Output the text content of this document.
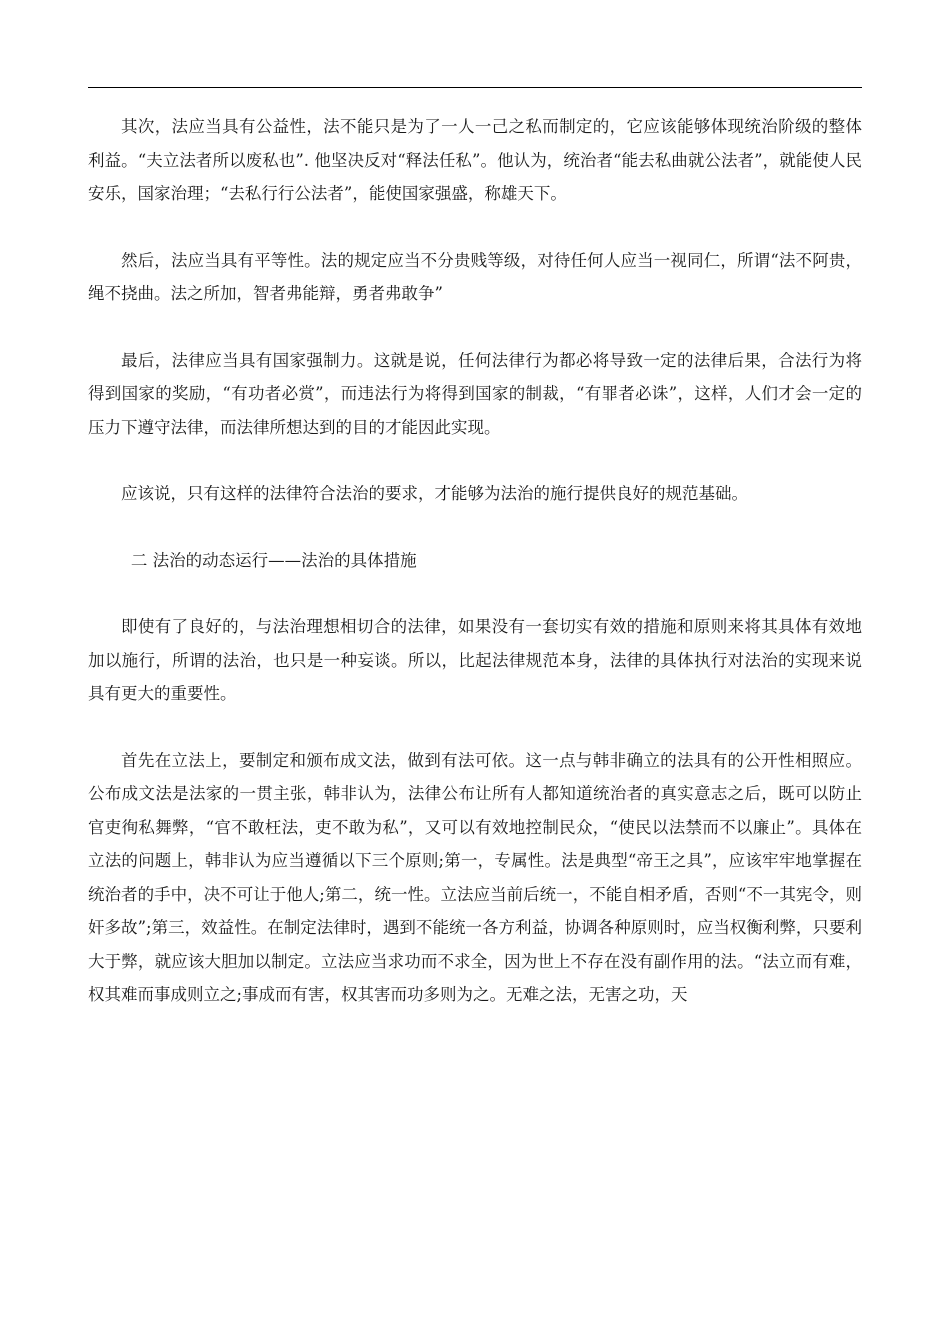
其次，法应当具有公益性，法不能只是为了一人一己之私而制定的，它应该能够体现统治阶级的整体利益。“夫立法者所以废私也”. 他坚决反对“释法任私”。他认为，统治者“能去私曲就公法者”，就能使人民安乐，国家治理；“去私行行公法者”，能使国家强盛，称雄天下。

然后，法应当具有平等性。法的规定应当不分贵贱等级，对待任何人应当一视同仁，所谓“法不阿贵，绳不挠曲。法之所加，智者弗能辩，勇者弗敢争”

最后，法律应当具有国家强制力。这就是说，任何法律行为都必将导致一定的法律后果，合法行为将得到国家的奖励，“有功者必赏”，而违法行为将得到国家的制裁，“有罪者必诛”，这样，人们才会一定的压力下遵守法律，而法律所想达到的目的才能因此实现。

应该说，只有这样的法律符合法治的要求，才能够为法治的施行提供良好的规范基础。

二 法治的动态运行——法治的具体措施

即使有了良好的，与法治理想相切合的法律，如果没有一套切实有效的措施和原则来将其具体有效地加以施行，所谓的法治，也只是一种妄谈。所以，比起法律规范本身，法律的具体执行对法治的实现来说具有更大的重要性。

首先在立法上，要制定和颁布成文法，做到有法可依。这一点与韩非确立的法具有的公开性相照应。公布成文法是法家的一贯主张，韩非认为，法律公布让所有人都知道统治者的真实意志之后，既可以防止官吏徇私舞弊，“官不敢枉法，吏不敢为私”，又可以有效地控制民众，“使民以法禁而不以廉止”。具体在立法的问题上，韩非认为应当遵循以下三个原则;第一，专属性。法是典型“帝王之具”，应该牢牢地掌握在统治者的手中，决不可让于他人;第二，统一性。立法应当前后统一，不能自相矛盾，否则“不一其宪令，则奸多故”;第三，效益性。在制定法律时，遇到不能统一各方利益，协调各种原则时，应当权衡利弊，只要利大于弊，就应该大胆加以制定。立法应当求功而不求全，因为世上不存在没有副作用的法。“法立而有难，权其难而事成则立之;事成而有害，权其害而功多则为之。无难之法，无害之功，天
